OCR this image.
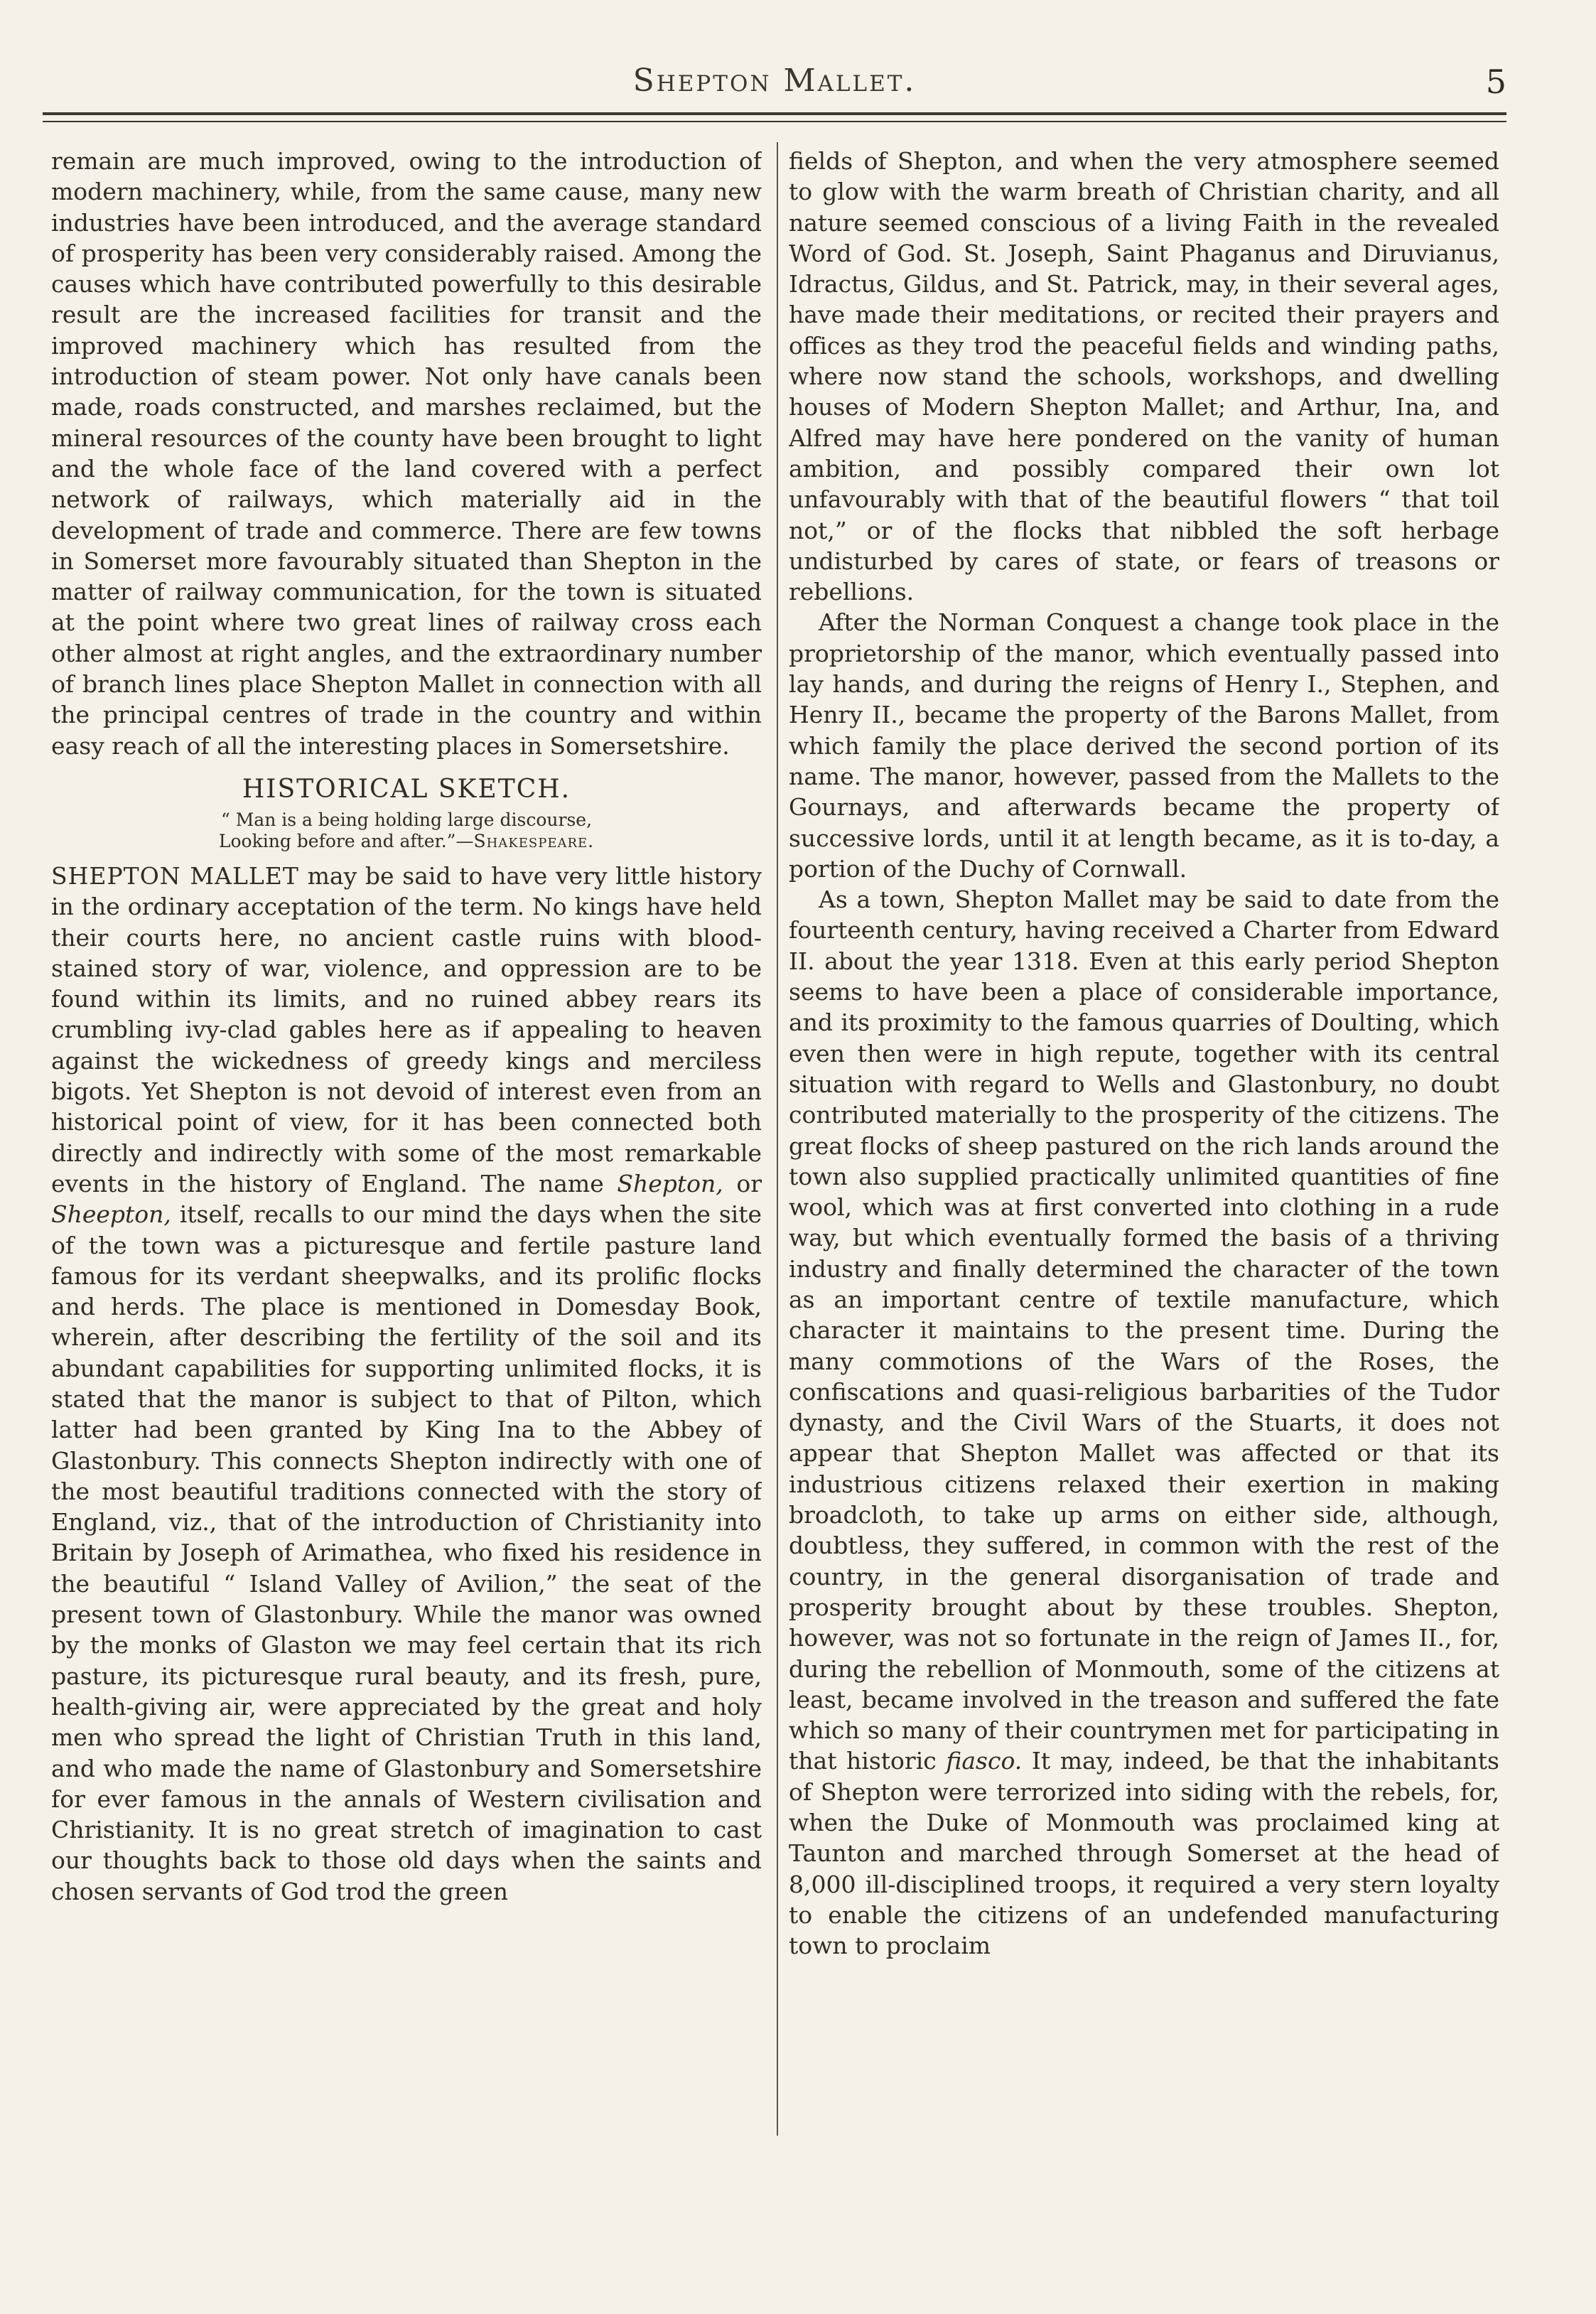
Shepton Mallet.	5

remain are much improved, owing to the introduction of modern machinery, while, from the same cause, many new industries have been introduced, and the average standard of prosperity has been very considerably raised. Among the causes which have contributed powerfully to this desirable result are the increased facilities for transit and the improved machinery which has resulted from the introduction of steam power. Not only have canals been made, roads constructed, and marshes reclaimed, but the mineral resources of the county have been brought to light and the whole face of the land covered with a perfect network of railways, which materially aid in the development of trade and commerce. There are few towns in Somerset more favourably situated than Shepton in the matter of railway communication, for the town is situated at the point where two great lines of railway cross each other almost at right angles, and the extraordinary number of branch lines place Shepton Mallet in connection with all the principal centres of trade in the country and within easy reach of all the interesting places in Somersetshire.

HISTORICAL SKETCH.
“ Man is a being holding large discourse,
Looking before and after.”—Shakespeare.

SHEPTON MALLET may be said to have very little history in the ordinary acceptation of the term. No kings have held their courts here, no ancient castle ruins with blood-stained story of war, violence, and oppression are to be found within its limits, and no ruined abbey rears its crumbling ivy-clad gables here as if appealing to heaven against the wickedness of greedy kings and merciless bigots. Yet Shepton is not devoid of interest even from an historical point of view, for it has been connected both directly and indirectly with some of the most remarkable events in the history of England. The name Shepton, or Sheepton, itself, recalls to our mind the days when the site of the town was a picturesque and fertile pasture land famous for its verdant sheepwalks, and its prolific flocks and herds. The place is mentioned in Domesday Book, wherein, after describing the fertility of the soil and its abundant capabilities for supporting unlimited flocks, it is stated that the manor is subject to that of Pilton, which latter had been granted by King Ina to the Abbey of Glastonbury. This connects Shepton indirectly with one of the most beautiful traditions connected with the story of England, viz., that of the introduction of Christianity into Britain by Joseph of Arimathea, who fixed his residence in the beautiful “ Island Valley of Avilion,” the seat of the present town of Glastonbury. While the manor was owned by the monks of Glaston we may feel certain that its rich pasture, its picturesque rural beauty, and its fresh, pure, health-giving air, were appreciated by the great and holy men who spread the light of Christian Truth in this land, and who made the name of Glastonbury and Somersetshire for ever famous in the annals of Western civilisation and Christianity. It is no great stretch of imagination to cast our thoughts back to those old days when the saints and chosen servants of God trod the green

fields of Shepton, and when the very atmosphere seemed to glow with the warm breath of Christian charity, and all nature seemed conscious of a living Faith in the revealed Word of God. St. Joseph, Saint Phaganus and Diruvianus, Idractus, Gildus, and St. Patrick, may, in their several ages, have made their meditations, or recited their prayers and offices as they trod the peaceful fields and winding paths, where now stand the schools, workshops, and dwelling houses of Modern Shepton Mallet; and Arthur, Ina, and Alfred may have here pondered on the vanity of human ambition, and possibly compared their own lot unfavourably with that of the beautiful flowers “ that toil not,” or of the flocks that nibbled the soft herbage undisturbed by cares of state, or fears of treasons or rebellions.

After the Norman Conquest a change took place in the proprietorship of the manor, which eventually passed into lay hands, and during the reigns of Henry I., Stephen, and Henry II., became the property of the Barons Mallet, from which family the place derived the second portion of its name. The manor, however, passed from the Mallets to the Gournays, and afterwards became the property of successive lords, until it at length became, as it is to-day, a portion of the Duchy of Cornwall.

As a town, Shepton Mallet may be said to date from the fourteenth century, having received a Charter from Edward II. about the year 1318. Even at this early period Shepton seems to have been a place of considerable importance, and its proximity to the famous quarries of Doulting, which even then were in high repute, together with its central situation with regard to Wells and Glastonbury, no doubt contributed materially to the prosperity of the citizens. The great flocks of sheep pastured on the rich lands around the town also supplied practically unlimited quantities of fine wool, which was at first converted into clothing in a rude way, but which eventually formed the basis of a thriving industry and finally determined the character of the town as an important centre of textile manufacture, which character it maintains to the present time. During the many commotions of the Wars of the Roses, the confiscations and quasi-religious barbarities of the Tudor dynasty, and the Civil Wars of the Stuarts, it does not appear that Shepton Mallet was affected or that its industrious citizens relaxed their exertion in making broadcloth, to take up arms on either side, although, doubtless, they suffered, in common with the rest of the country, in the general disorganisation of trade and prosperity brought about by these troubles. Shepton, however, was not so fortunate in the reign of James II., for, during the rebellion of Monmouth, some of the citizens at least, became involved in the treason and suffered the fate which so many of their countrymen met for participating in that historic fiasco. It may, indeed, be that the inhabitants of Shepton were terrorized into siding with the rebels, for, when the Duke of Monmouth was proclaimed king at Taunton and marched through Somerset at the head of 8,000 ill-disciplined troops, it required a very stern loyalty to enable the citizens of an undefended manufacturing town to proclaim
